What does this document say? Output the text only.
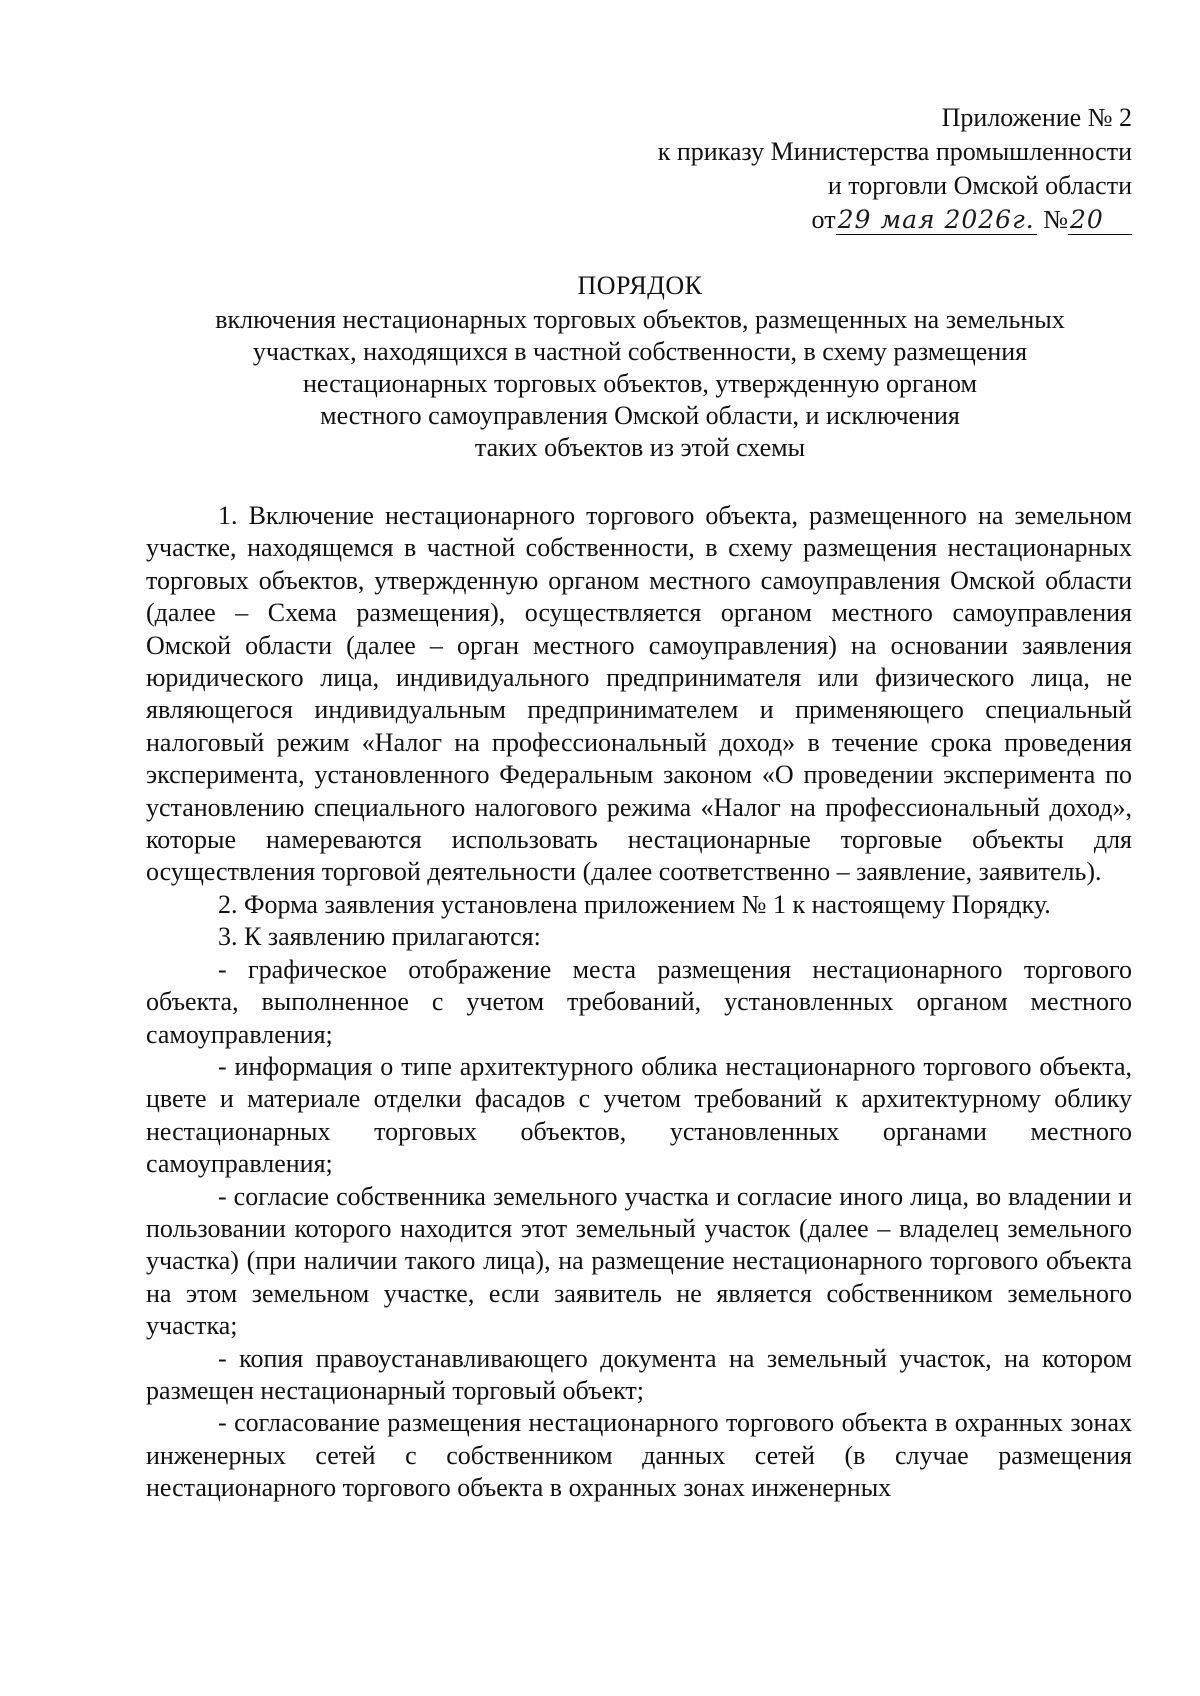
Приложение № 2
к приказу Министерства промышленности
и торговли Омской области
от29 мая 2026г. №20
ПОРЯДОК
включения нестационарных торговых объектов, размещенных на земельных
участках, находящихся в частной собственности, в схему размещения
нестационарных торговых объектов, утвержденную органом
местного самоуправления Омской области, и исключения
таких объектов из этой схемы

1. Включение нестационарного торгового объекта, размещенного на земельном участке, находящемся в частной собственности, в схему размещения нестационарных торговых объектов, утвержденную органом местного самоуправления Омской области (далее – Схема размещения), осуществляется органом местного самоуправления Омской области (далее – орган местного самоуправления) на основании заявления юридического лица, индивидуального предпринимателя или физического лица, не являющегося индивидуальным предпринимателем и применяющего специальный налоговый режим «Налог на профессиональный доход» в течение срока проведения эксперимента, установленного Федеральным законом «О проведении эксперимента по установлению специального налогового режима «Налог на профессиональный доход», которые намереваются использовать нестационарные торговые объекты для осуществления торговой деятельности (далее соответственно – заявление, заявитель).

2. Форма заявления установлена приложением № 1 к настоящему Порядку.

3. К заявлению прилагаются:

- графическое отображение места размещения нестационарного торгового объекта, выполненное с учетом требований, установленных органом местного самоуправления;

- информация о типе архитектурного облика нестационарного торгового объекта, цвете и материале отделки фасадов с учетом требований к архитектурному облику нестационарных торговых объектов, установленных органами местного самоуправления;

- согласие собственника земельного участка и согласие иного лица, во владении и пользовании которого находится этот земельный участок (далее – владелец земельного участка) (при наличии такого лица), на размещение нестационарного торгового объекта на этом земельном участке, если заявитель не является собственником земельного участка;

- копия правоустанавливающего документа на земельный участок, на котором размещен нестационарный торговый объект;

- согласование размещения нестационарного торгового объекта в охранных зонах инженерных сетей с собственником данных сетей (в случае размещения нестационарного торгового объекта в охранных зонах инженерных
